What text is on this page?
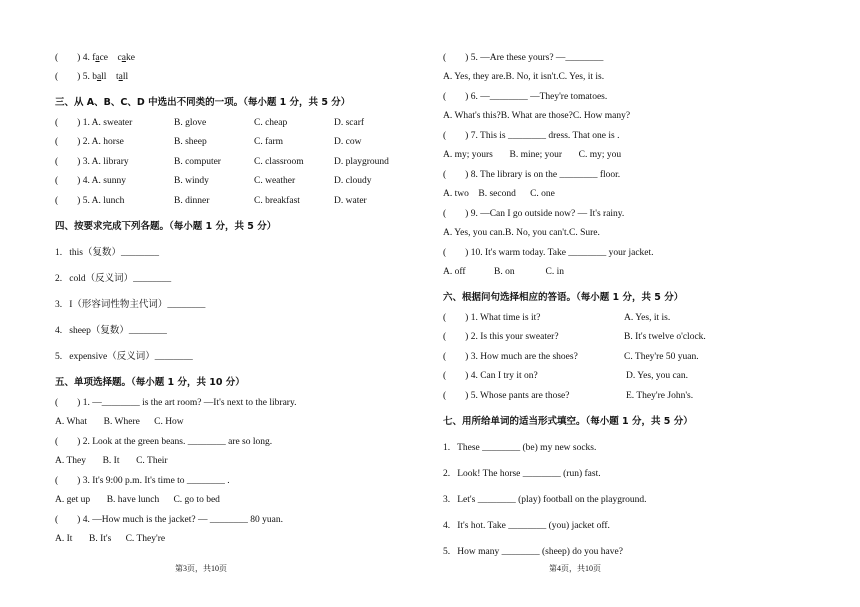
(        ) 4. face    cake
(        ) 5. ball    tall
三、从 A、B、C、D 中选出不同类的一项。（每小题 1 分，共 5 分）
(        ) 1. A. sweater	B. glove	C. cheap	D. scarf
(        ) 2. A. horse	B. sheep	C. farm	D. cow
(        ) 3. A. library	B. computer	C. classroom	D. playground
(        ) 4. A. sunny	B. windy	C. weather	D. cloudy
(        ) 5. A. lunch	B. dinner	C. breakfast	D. water
四、按要求完成下列各题。（每小题 1 分，共 5 分）
1.   this（复数）________
2.   cold（反义词）________
3.   I（形容词性物主代词）________
4.   sheep（复数）________
5.   expensive（反义词）________
五、单项选择题。（每小题 1 分，共 10 分）
(        ) 1. —________ is the art room? —It's next to the library.
A. What       B. Where      C. How
(        ) 2. Look at the green beans. ________ are so long.
A. They       B. It       C. Their
(        ) 3. It's 9:00 p.m. It's time to ________ .
A. get up       B. have lunch      C. go to bed
(        ) 4. —How much is the jacket? — ________ 80 yuan.
A. It       B. It's      C. They're
第3页，共10页
(        ) 5. —Are these yours? —________
A. Yes, they are.B. No, it isn't.C. Yes, it is.
(        ) 6. —________ —They're tomatoes.
A. What's this?B. What are those?C. How many?
(        ) 7. This is ________ dress. That one is .
A. my; yours       B. mine; your       C. my; you
(        ) 8. The library is on the ________ floor.
A. two    B. second      C. one
(        ) 9. —Can I go outside now? — It's rainy.
A. Yes, you can.B. No, you can't.C. Sure.
(        ) 10. It's warm today. Take ________ your jacket.
A. off            B. on             C. in
六、根据问句选择相应的答语。（每小题 1 分，共 5 分）
(        ) 1. What time is it?	A. Yes, it is.
(        ) 2. Is this your sweater?	B. It's twelve o'clock.
(        ) 3. How much are the shoes?	C. They're 50 yuan.
(        ) 4. Can I try it on?	D. Yes, you can.
(        ) 5. Whose pants are those?	E. They're John's.
七、用所给单词的适当形式填空。（每小题 1 分，共 5 分）
1.   These ________ (be) my new socks.
2.   Look! The horse ________ (run) fast.
3.   Let's ________ (play) football on the playground.
4.   It's hot. Take ________ (you) jacket off.
5.   How many ________ (sheep) do you have?
第4页，共10页
